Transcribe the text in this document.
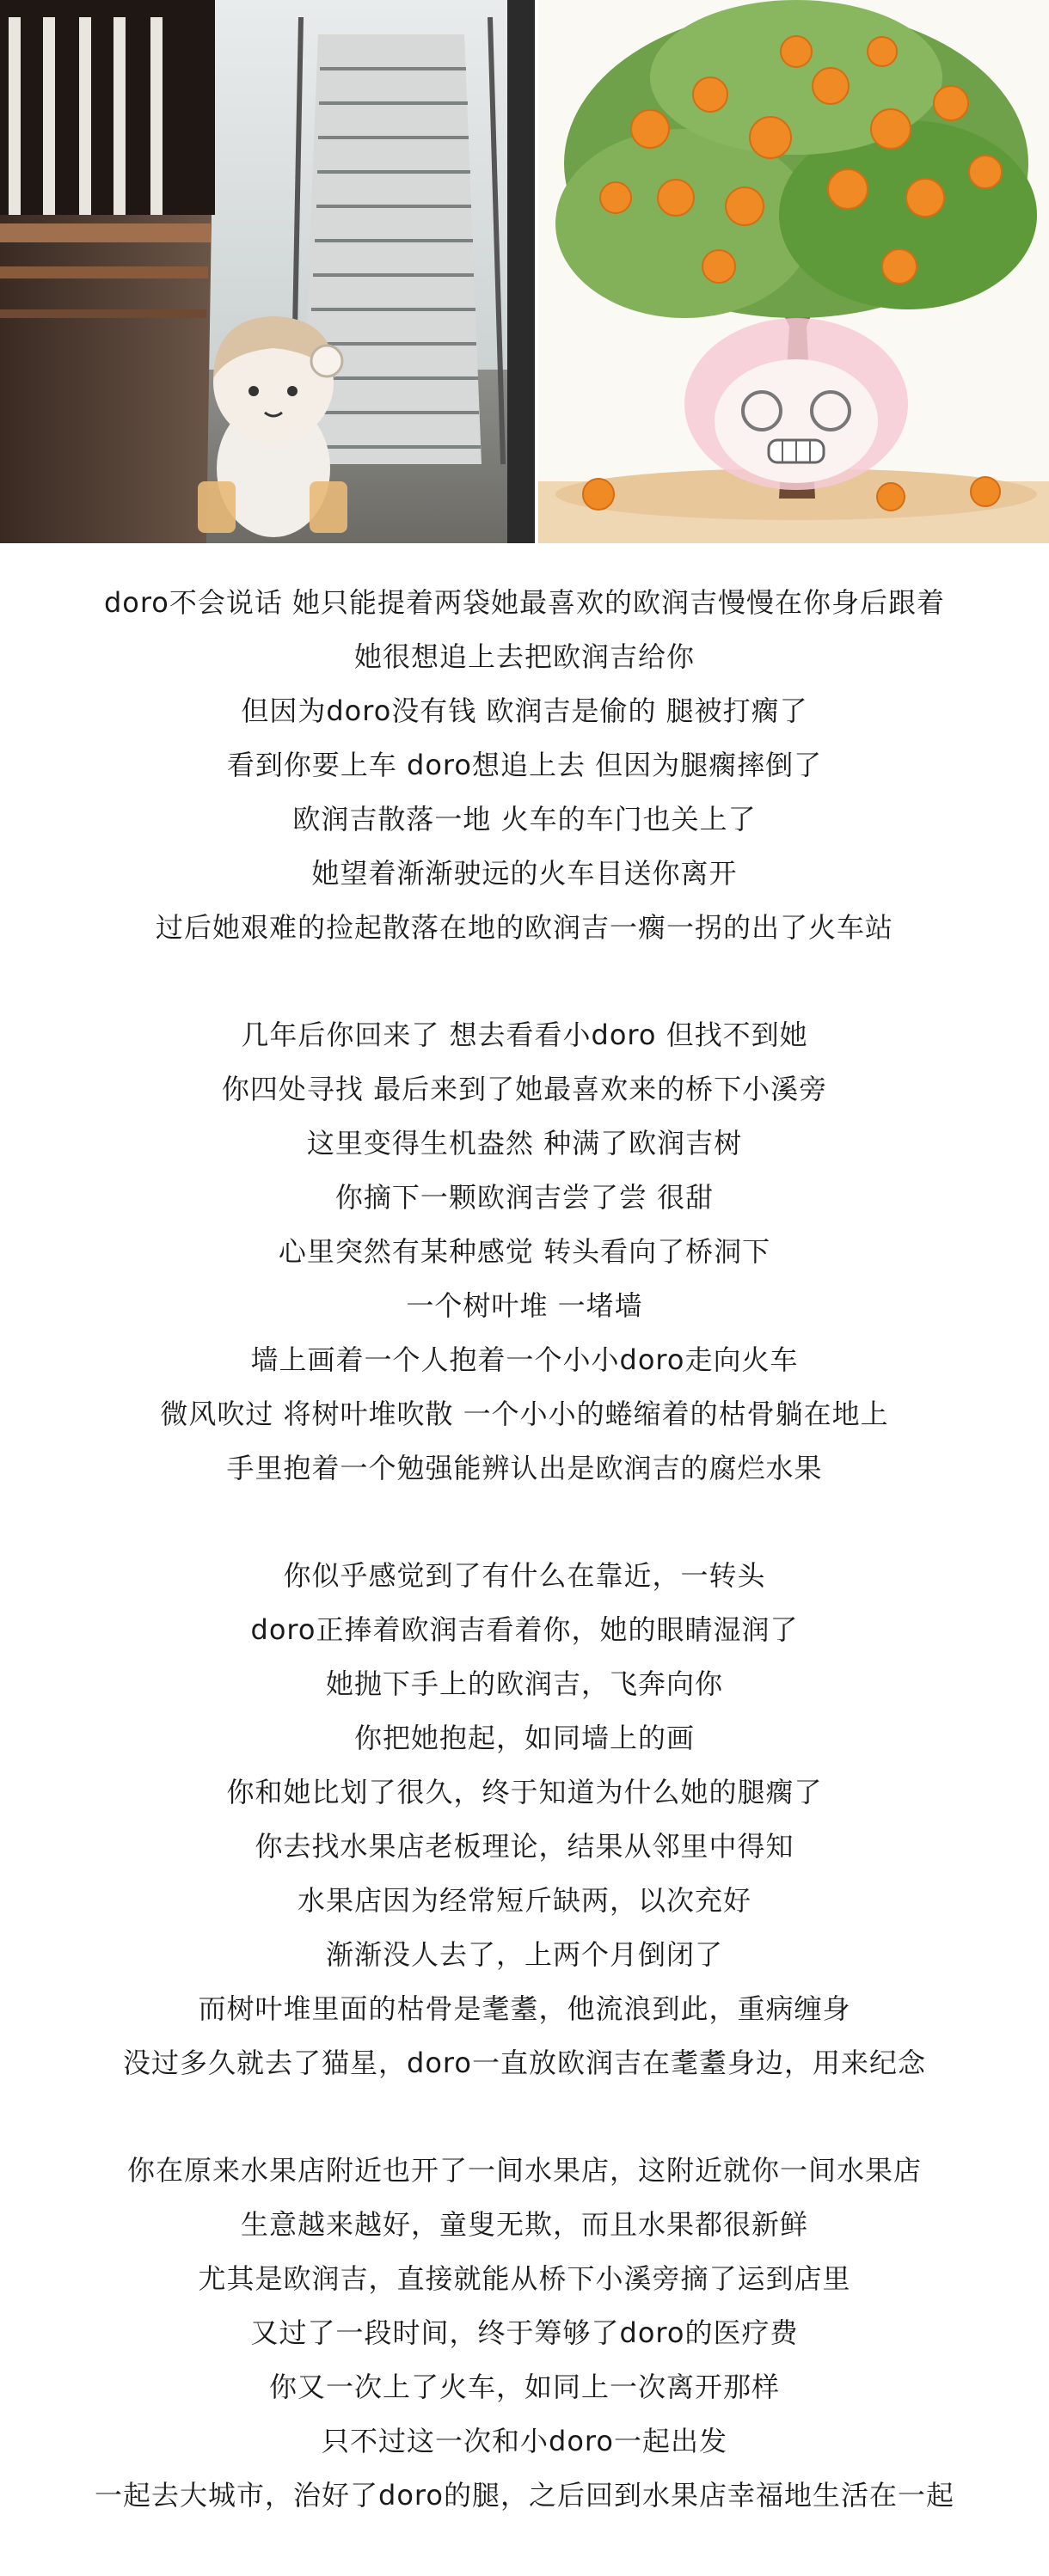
doro不会说话 她只能提着两袋她最喜欢的欧润吉慢慢在你身后跟着
她很想追上去把欧润吉给你
但因为doro没有钱 欧润吉是偷的 腿被打瘸了
看到你要上车 doro想追上去 但因为腿瘸摔倒了
欧润吉散落一地 火车的车门也关上了
她望着渐渐驶远的火车目送你离开
过后她艰难的捡起散落在地的欧润吉一瘸一拐的出了火车站
几年后你回来了 想去看看小doro 但找不到她
你四处寻找 最后来到了她最喜欢来的桥下小溪旁
这里变得生机盎然 种满了欧润吉树
你摘下一颗欧润吉尝了尝 很甜
心里突然有某种感觉 转头看向了桥洞下
一个树叶堆 一堵墙
墙上画着一个人抱着一个小小doro走向火车
微风吹过 将树叶堆吹散 一个小小的蜷缩着的枯骨躺在地上
手里抱着一个勉强能辨认出是欧润吉的腐烂水果
你似乎感觉到了有什么在靠近，一转头
doro正捧着欧润吉看着你，她的眼睛湿润了
她抛下手上的欧润吉，飞奔向你
你把她抱起，如同墙上的画
你和她比划了很久，终于知道为什么她的腿瘸了
你去找水果店老板理论，结果从邻里中得知
水果店因为经常短斤缺两，以次充好
渐渐没人去了，上两个月倒闭了
而树叶堆里面的枯骨是耄耋，他流浪到此，重病缠身
没过多久就去了猫星，doro一直放欧润吉在耄耋身边，用来纪念
你在原来水果店附近也开了一间水果店，这附近就你一间水果店
生意越来越好，童叟无欺，而且水果都很新鲜
尤其是欧润吉，直接就能从桥下小溪旁摘了运到店里
又过了一段时间，终于筹够了doro的医疗费
你又一次上了火车，如同上一次离开那样
只不过这一次和小doro一起出发
一起去大城市，治好了doro的腿，之后回到水果店幸福地生活在一起
